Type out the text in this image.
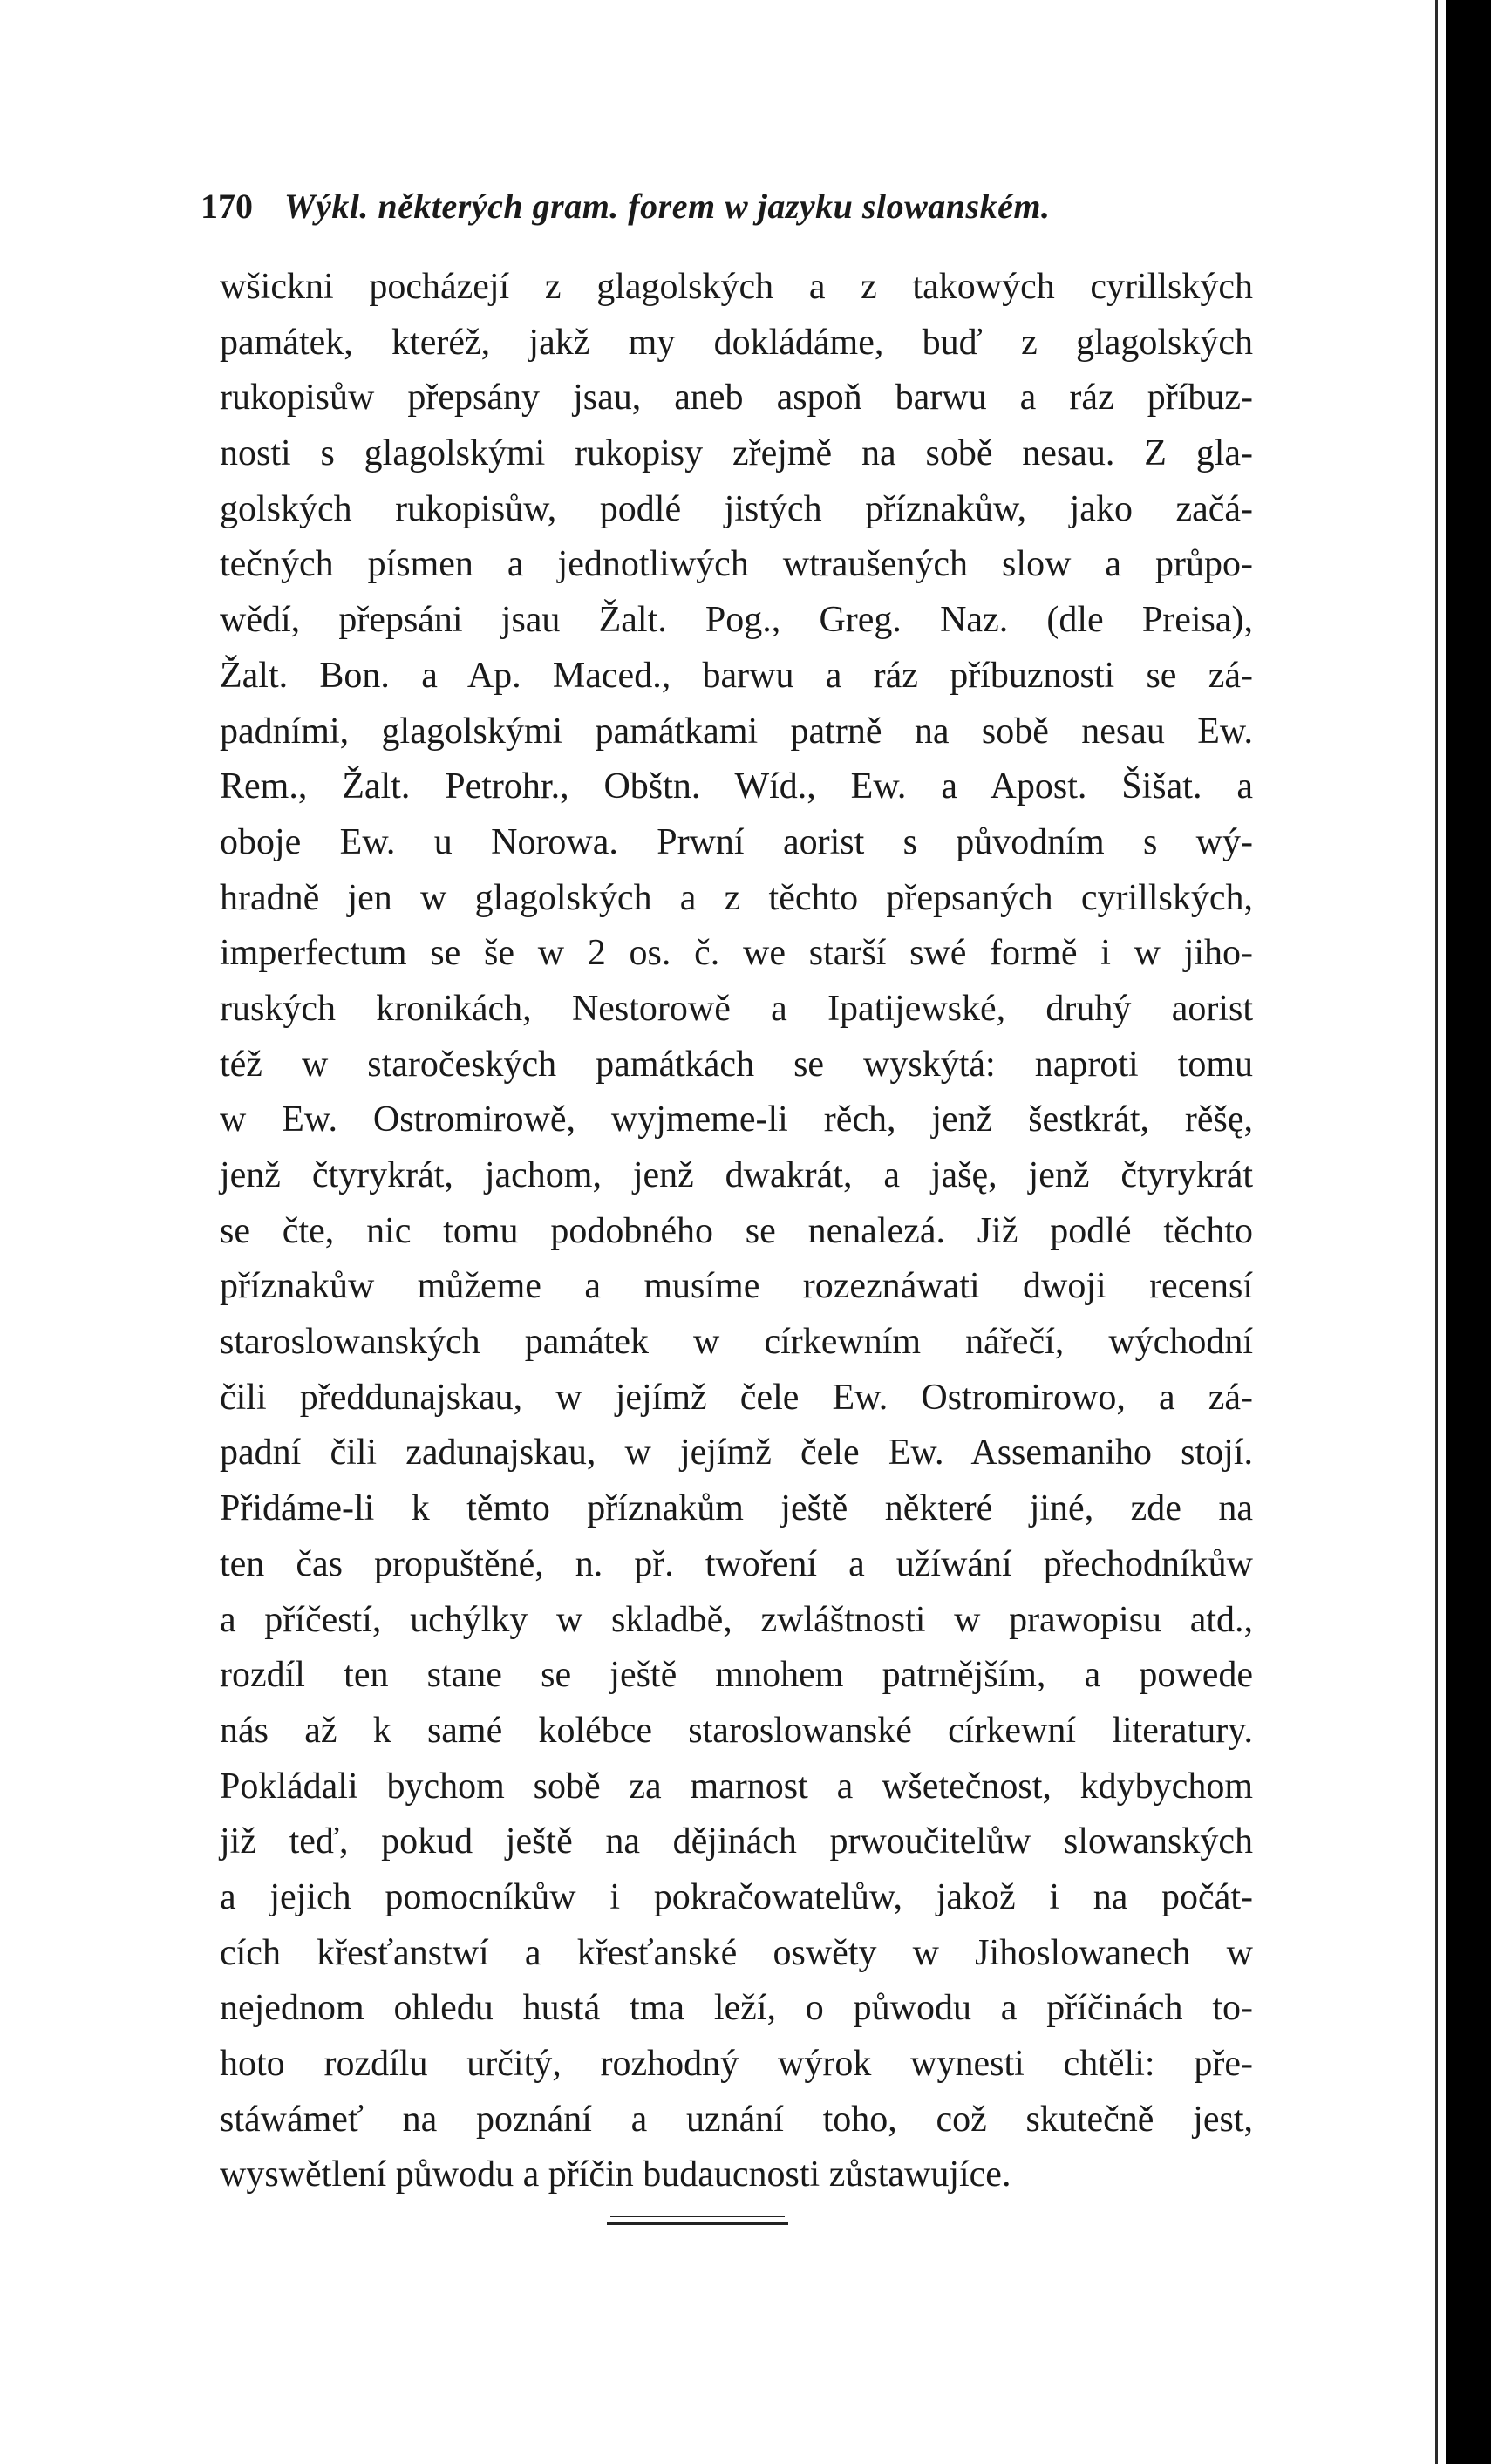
170 Wýkl. některých gram. forem w jazyku slowanském.
wšickni pocházejí z glagolských a z takowých cyrillských
památek, kteréž, jakž my dokládáme, buď z glagolských
rukopisůw přepsány jsau, aneb aspoň barwu a ráz příbuz-
nosti s glagolskými rukopisy zřejmě na sobě nesau. Z gla-
golských rukopisůw, podlé jistých příznakůw, jako začá-
tečných písmen a jednotliwých wtraušených slow a průpo-
wědí, přepsáni jsau Žalt. Pog., Greg. Naz. (dle Preisa),
Žalt. Bon. a Ap. Maced., barwu a ráz příbuznosti se zá-
padními, glagolskými památkami patrně na sobě nesau Ew.
Rem., Žalt. Petrohr., Obštn. Wíd., Ew. a Apost. Šišat. a
oboje Ew. u Norowa. Prwní aorist s původním s wý-
hradně jen w glagolských a z těchto přepsaných cyrillských,
imperfectum se še w 2 os. č. we starší swé formě i w jiho-
ruských kronikách, Nestorowě a Ipatijewské, druhý aorist
též w staročeských památkách se wyskýtá: naproti tomu
w Ew. Ostromirowě, wyjmeme-li rěch, jenž šestkrát, rěšę,
jenž čtyrykrát, jachom, jenž dwakrát, a jašę, jenž čtyrykrát
se čte, nic tomu podobného se nenalezá. Již podlé těchto
příznakůw můžeme a musíme rozeznáwati dwoji recensí
staroslowanských památek w církewním nářečí, wýchodní
čili předdunajskau, w jejímž čele Ew. Ostromirowo, a zá-
padní čili zadunajskau, w jejímž čele Ew. Assemaniho stojí.
Přidáme-li k těmto příznakům ještě některé jiné, zde na
ten čas propuštěné, n. př. twoření a užíwání přechodníkůw
a příčestí, uchýlky w skladbě, zwláštnosti w prawopisu atd.,
rozdíl ten stane se ještě mnohem patrnějším, a powede
nás až k samé kolébce staroslowanské církewní literatury.
Pokládali bychom sobě za marnost a wšetečnost, kdybychom
již teď, pokud ještě na dějinách prwoučitelůw slowanských
a jejich pomocníkůw i pokračowatelůw, jakož i na počát-
cích křesťanstwí a křesťanské oswěty w Jihoslowanech w
nejednom ohledu hustá tma leží, o půwodu a příčinách to-
hoto rozdílu určitý, rozhodný wýrok wynesti chtěli: pře-
stáwámeť na poznání a uznání toho, což skutečně jest,
wyswětlení půwodu a příčin budaucnosti zůstawujíce.
